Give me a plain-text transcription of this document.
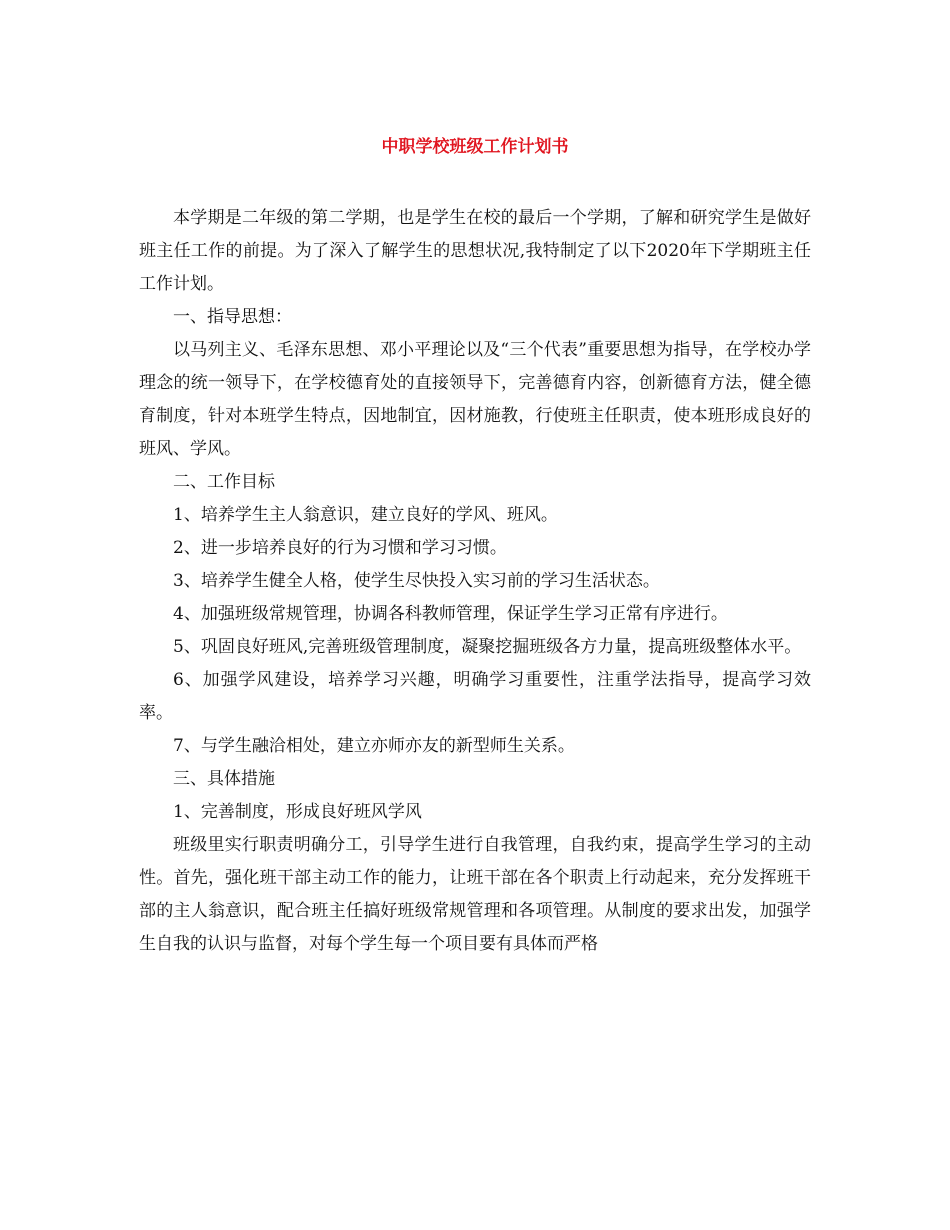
中职学校班级工作计划书

本学期是二年级的第二学期，也是学生在校的最后一个学期，了解和研究学生是做好班主任工作的前提。为了深入了解学生的思想状况,我特制定了以下2020年下学期班主任工作计划。

一、指导思想：

以马列主义、毛泽东思想、邓小平理论以及“三个代表”重要思想为指导，在学校办学理念的统一领导下，在学校德育处的直接领导下，完善德育内容，创新德育方法，健全德育制度，针对本班学生特点，因地制宜，因材施教，行使班主任职责，使本班形成良好的班风、学风。

二、工作目标

1、培养学生主人翁意识，建立良好的学风、班风。

2、进一步培养良好的行为习惯和学习习惯。

3、培养学生健全人格，使学生尽快投入实习前的学习生活状态。

4、加强班级常规管理，协调各科教师管理，保证学生学习正常有序进行。

5、巩固良好班风,完善班级管理制度，凝聚挖掘班级各方力量，提高班级整体水平。

6、加强学风建设，培养学习兴趣，明确学习重要性，注重学法指导，提高学习效率。

7、与学生融洽相处，建立亦师亦友的新型师生关系。

三、具体措施

1、完善制度，形成良好班风学风

班级里实行职责明确分工，引导学生进行自我管理，自我约束，提高学生学习的主动性。首先，强化班干部主动工作的能力，让班干部在各个职责上行动起来，充分发挥班干部的主人翁意识，配合班主任搞好班级常规管理和各项管理。从制度的要求出发，加强学生自我的认识与监督，对每个学生每一个项目要有具体而严格
